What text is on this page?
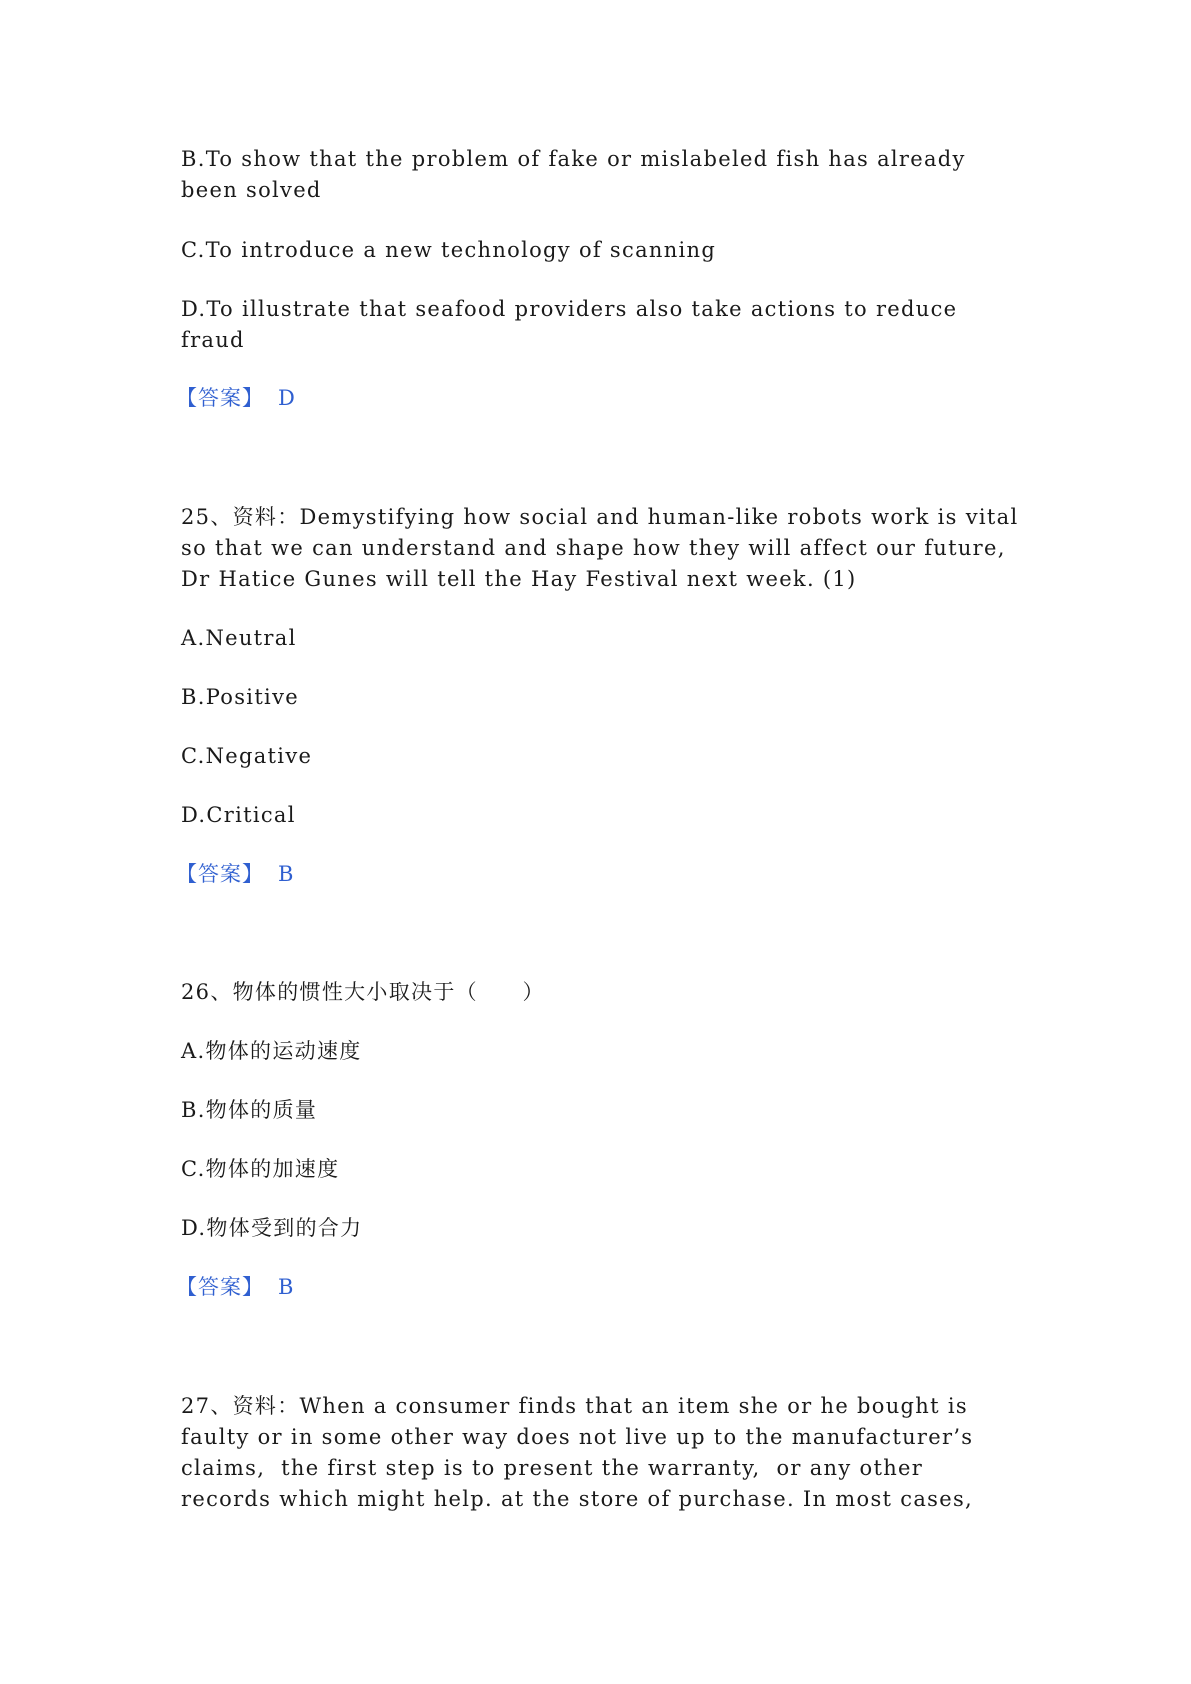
B.To show that the problem of fake or mislabeled fish has already
been solved
C.To introduce a new technology of scanning
D.To illustrate that seafood providers also take actions to reduce
fraud
【答案】 D
25、资料：Demystifying how social and human-like robots work is vital
so that we can understand and shape how they will affect our future,
Dr Hatice Gunes will tell the Hay Festival next week. (1)
A.Neutral
B.Positive
C.Negative
D.Critical
【答案】 B
26、物体的惯性大小取决于（　　）
A.物体的运动速度
B.物体的质量
C.物体的加速度
D.物体受到的合力
【答案】 B
27、资料：When a consumer finds that an item she or he bought is
faulty or in some other way does not live up to the manufacturer’s
claims,  the first step is to present the warranty,  or any other
records which might help. at the store of purchase. In most cases,
